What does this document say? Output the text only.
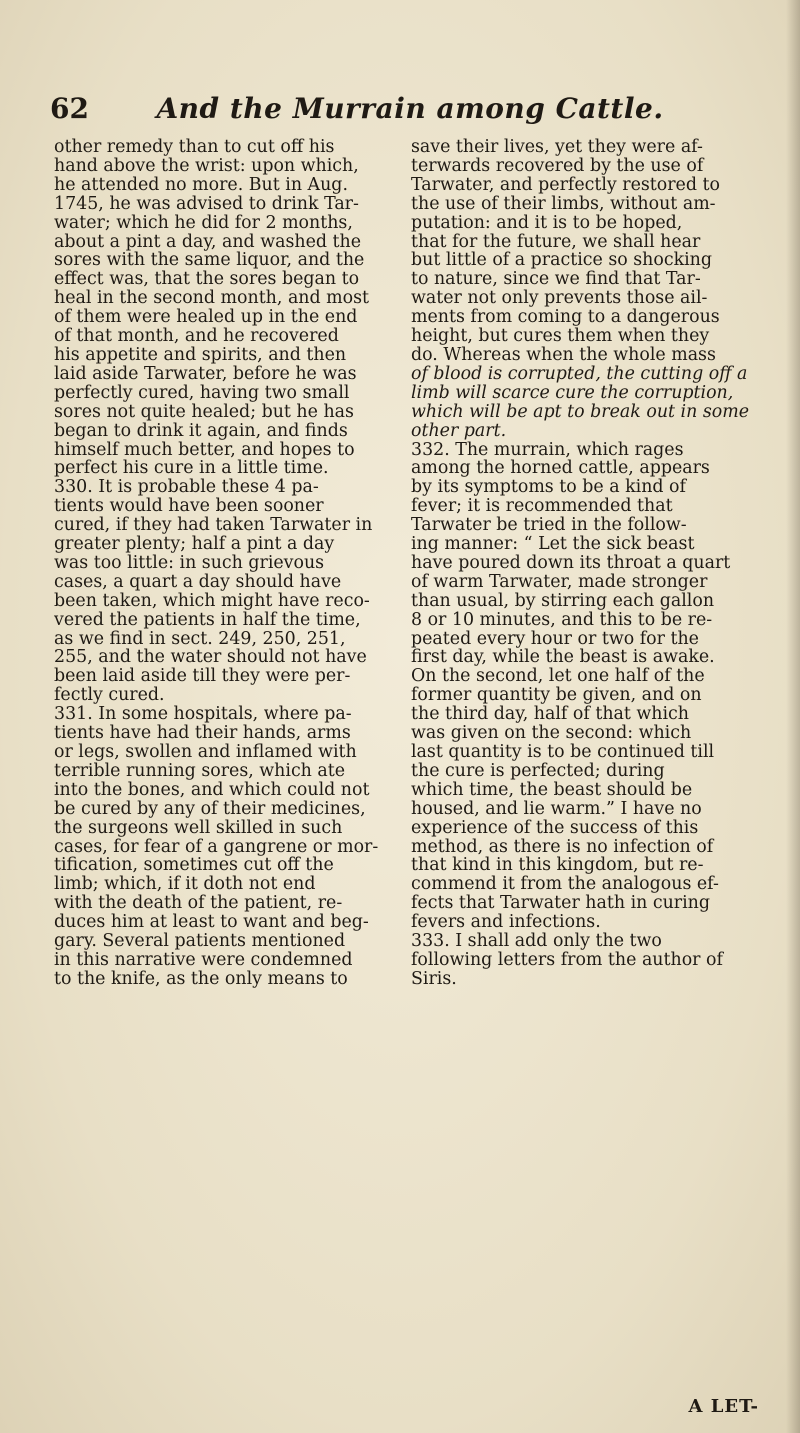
62	And the Murrain among Cattle.
other remedy than to cut off his
hand above the wrist: upon which,
he attended no more. But in Aug.
1745, he was advised to drink Tar-
water; which he did for 2 months,
about a pint a day, and washed the
sores with the same liquor, and the
effect was, that the sores began to
heal in the second month, and most
of them were healed up in the end
of that month, and he recovered
his appetite and spirits, and then
laid aside Tarwater, before he was
perfectly cured, having two small
sores not quite healed; but he has
began to drink it again, and finds
himself much better, and hopes to
perfect his cure in a little time.
330. It is probable these 4 pa-
tients would have been sooner
cured, if they had taken Tarwater in
greater plenty; half a pint a day
was too little: in such grievous
cases, a quart a day should have
been taken, which might have reco-
vered the patients in half the time,
as we find in sect. 249, 250, 251,
255, and the water should not have
been laid aside till they were per-
fectly cured.
331. In some hospitals, where pa-
tients have had their hands, arms
or legs, swollen and inflamed with
terrible running sores, which ate
into the bones, and which could not
be cured by any of their medicines,
the surgeons well skilled in such
cases, for fear of a gangrene or mor-
tification, sometimes cut off the
limb; which, if it doth not end
with the death of the patient, re-
duces him at least to want and beg-
gary. Several patients mentioned
in this narrative were condemned
to the knife, as the only means to
save their lives, yet they were af-
terwards recovered by the use of
Tarwater, and perfectly restored to
the use of their limbs, without am-
putation: and it is to be hoped,
that for the future, we shall hear
but little of a practice so shocking
to nature, since we find that Tar-
water not only prevents those ail-
ments from coming to a dangerous
height, but cures them when they
do. Whereas when the whole mass
of blood is corrupted, the cutting off a
limb will scarce cure the corruption,
which will be apt to break out in some
other part.
332. The murrain, which rages
among the horned cattle, appears
by its symptoms to be a kind of
fever; it is recommended that
Tarwater be tried in the follow-
ing manner: “ Let the sick beast
have poured down its throat a quart
of warm Tarwater, made stronger
than usual, by stirring each gallon
8 or 10 minutes, and this to be re-
peated every hour or two for the
first day, while the beast is awake.
On the second, let one half of the
former quantity be given, and on
the third day, half of that which
was given on the second: which
last quantity is to be continued till
the cure is perfected; during
which time, the beast should be
housed, and lie warm.” I have no
experience of the success of this
method, as there is no infection of
that kind in this kingdom, but re-
commend it from the analogous ef-
fects that Tarwater hath in curing
fevers and infections.
333. I shall add only the two
following letters from the author of
Siris.
A LET-
